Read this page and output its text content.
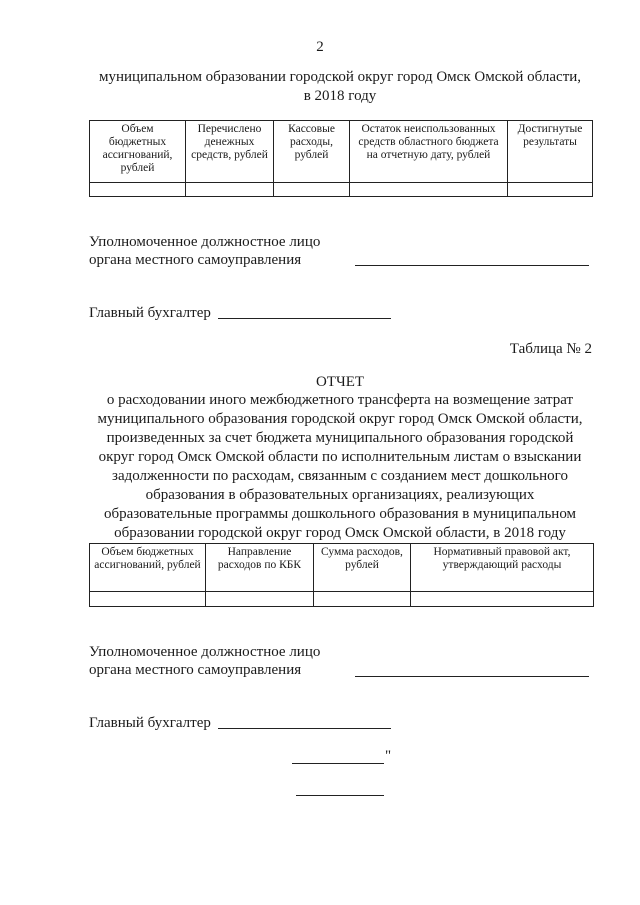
2
муниципальном образовании городской округ город Омск Омской области,
в 2018 году
Объем бюджетных ассигнований, рублей	Перечислено денежных средств, рублей	Кассовые расходы, рублей	Остаток неиспользованных средств областного бюджета на отчетную дату, рублей	Достигнутые результаты

Уполномоченное должностное лицо
органа местного самоуправления
Главный бухгалтер
Таблица № 2
ОТЧЕТ
о расходовании иного межбюджетного трансферта на возмещение затрат
муниципального образования городской округ город Омск Омской области,
произведенных за счет бюджета муниципального образования городской
округ город Омск Омской области по исполнительным листам о взыскании
задолженности по расходам, связанным с созданием мест дошкольного
образования в образовательных организациях, реализующих
образовательные программы дошкольного образования в муниципальном
образовании городской округ город Омск Омской области, в 2018 году
Объем бюджетных ассигнований, рублей	Направление расходов по КБК	Сумма расходов, рублей	Нормативный правовой акт, утверждающий расходы

Уполномоченное должностное лицо
органа местного самоуправления
Главный бухгалтер
"
